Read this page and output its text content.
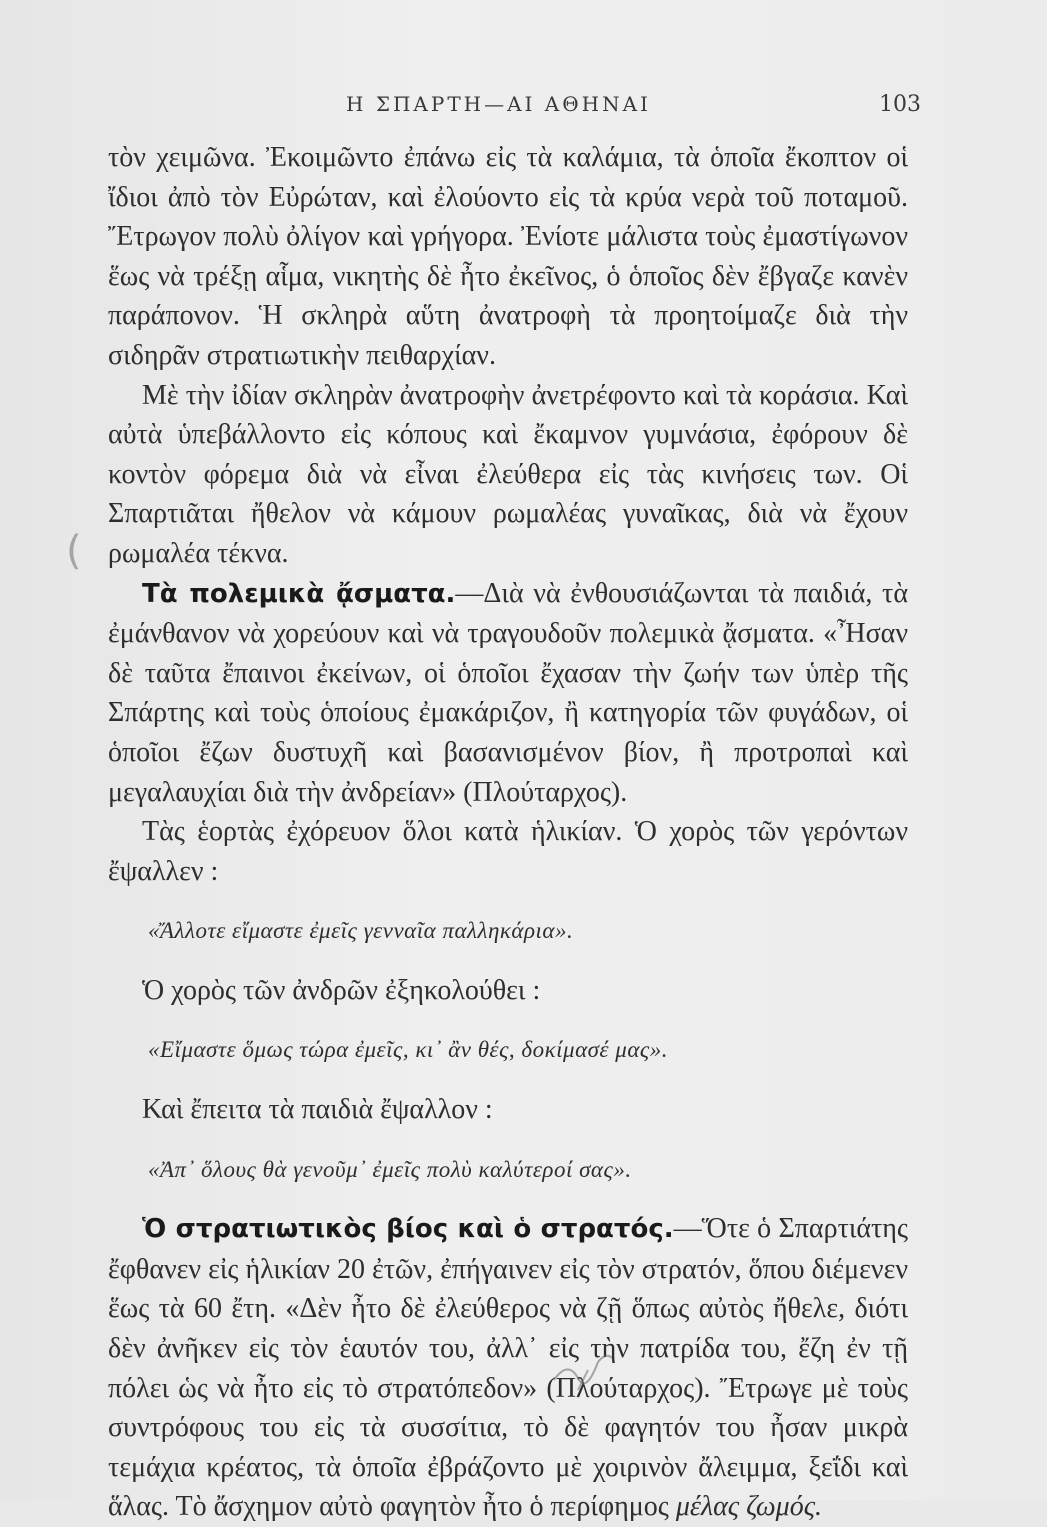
Η ΣΠΑΡΤΗ—ΑΙ ΑΘΗΝΑΙ	103

τὸν χειμῶνα. Ἐκοιμῶντο ἐπάνω εἰς τὰ καλάμια, τὰ ὁποῖα ἔκοπτον οἱ ἴδιοι ἀπὸ τὸν Εὐρώταν, καὶ ἐλούοντο εἰς τὰ κρύα νερὰ τοῦ ποταμοῦ. Ἔτρωγον πολὺ ὀλίγον καὶ γρήγορα. Ἐνίοτε μάλιστα τοὺς ἐμαστίγωνον ἕως νὰ τρέξῃ αἷμα, νικητὴς δὲ ἦτο ἐκεῖνος, ὁ ὁποῖος δὲν ἔβγαζε κανὲν παράπονον. Ἡ σκληρὰ αὕτη ἀνατροφὴ τὰ προητοίμαζε διὰ τὴν σιδηρᾶν στρατιωτικὴν πειθαρχίαν.

Μὲ τὴν ἰδίαν σκληρὰν ἀνατροφὴν ἀνετρέφοντο καὶ τὰ κοράσια. Καὶ αὐτὰ ὑπεβάλλοντο εἰς κόπους καὶ ἔκαμνον γυμνάσια, ἐφόρουν δὲ κοντὸν φόρεμα διὰ νὰ εἶναι ἐλεύθερα εἰς τὰς κινήσεις των. Οἱ Σπαρτιᾶται ἤθελον νὰ κάμουν ρωμαλέας γυναῖκας, διὰ νὰ ἔχουν ρωμαλέα τέκνα.

Τὰ πολεμικὰ ᾄσματα.—Διὰ νὰ ἐνθουσιάζωνται τὰ παιδιά, τὰ ἐμάνθανον νὰ χορεύουν καὶ νὰ τραγουδοῦν πολεμικὰ ᾄσματα. «Ἦσαν δὲ ταῦτα ἔπαινοι ἐκείνων, οἱ ὁποῖοι ἔχασαν τὴν ζωήν των ὑπὲρ τῆς Σπάρτης καὶ τοὺς ὁποίους ἐμακάριζον, ἢ κατηγορία τῶν φυγάδων, οἱ ὁποῖοι ἔζων δυστυχῆ καὶ βασανισμένον βίον, ἢ προτροπαὶ καὶ μεγαλαυχίαι διὰ τὴν ἀνδρείαν» (Πλούταρχος).

Τὰς ἑορτὰς ἐχόρευον ὅλοι κατὰ ἡλικίαν. Ὁ χορὸς τῶν γερόντων ἔψαλλεν :

«Ἄλλοτε εἴμαστε ἐμεῖς γενναῖα παλληκάρια».

Ὁ χορὸς τῶν ἀνδρῶν ἐξηκολούθει :

«Εἴμαστε ὅμως τώρα ἐμεῖς, κι᾽ ἂν θές, δοκίμασέ μας».

Καὶ ἔπειτα τὰ παιδιὰ ἔψαλλον :

«Ἀπ᾽ ὅλους θὰ γενοῦμ᾽ ἐμεῖς πολὺ καλύτεροί σας».

Ὁ στρατιωτικὸς βίος καὶ ὁ στρατός.—Ὅτε ὁ Σπαρτιάτης ἔφθανεν εἰς ἡλικίαν 20 ἐτῶν, ἐπήγαινεν εἰς τὸν στρατόν, ὅπου διέμενεν ἕως τὰ 60 ἔτη. «Δὲν ἦτο δὲ ἐλεύθερος νὰ ζῇ ὅπως αὐτὸς ἤθελε, διότι δὲν ἀνῆκεν εἰς τὸν ἑαυτόν του, ἀλλ᾽ εἰς τὴν πατρίδα του, ἔζη ἐν τῇ πόλει ὡς νὰ ἦτο εἰς τὸ στρατόπεδον» (Πλούταρχος). Ἔτρωγε μὲ τοὺς συντρόφους του εἰς τὰ συσσίτια, τὸ δὲ φαγητόν του ἦσαν μικρὰ τεμάχια κρέατος, τὰ ὁποῖα ἐβράζοντο μὲ χοιρινὸν ἄλειμμα, ξεΐδι καὶ ἅλας. Τὸ ἄσχημον αὐτὸ φαγητὸν ἦτο ὁ περίφημος μέλας ζωμός.

(
